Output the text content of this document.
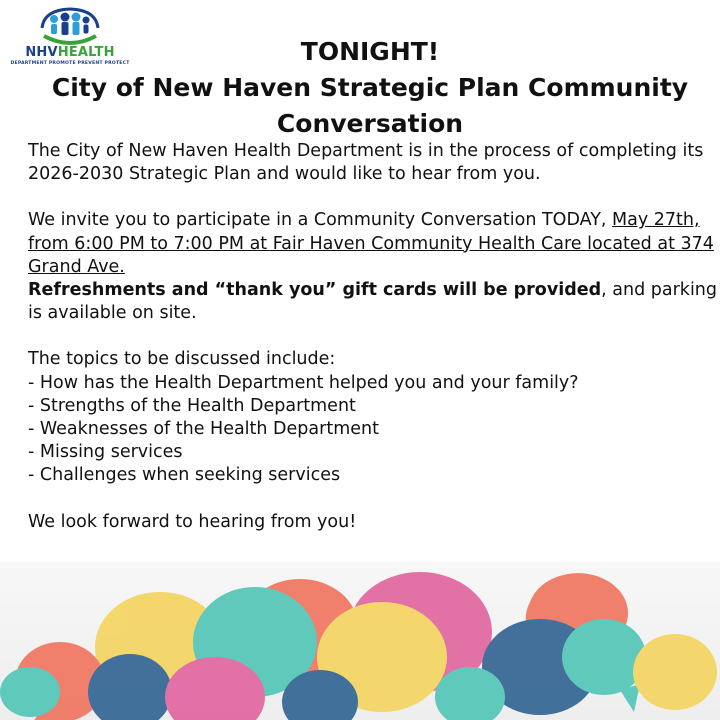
NHVHEALTH
DEPARTMENT PROMOTE PREVENT PROTECT	TONIGHT!
City of New Haven Strategic Plan Community
Conversation

The City of New Haven Health Department is in the process of completing its 2026-2030 Strategic Plan and would like to hear from you.

We invite you to participate in a Community Conversation TODAY, May 27th, from 6:00 PM to 7:00 PM at Fair Haven Community Health Care located at 374 Grand Ave.

Refreshments and “thank you” gift cards will be provided, and parking is available on site.

The topics to be discussed include:

- How has the Health Department helped you and your family?

- Strengths of the Health Department

- Weaknesses of the Health Department

- Missing services

- Challenges when seeking services

We look forward to hearing from you!
